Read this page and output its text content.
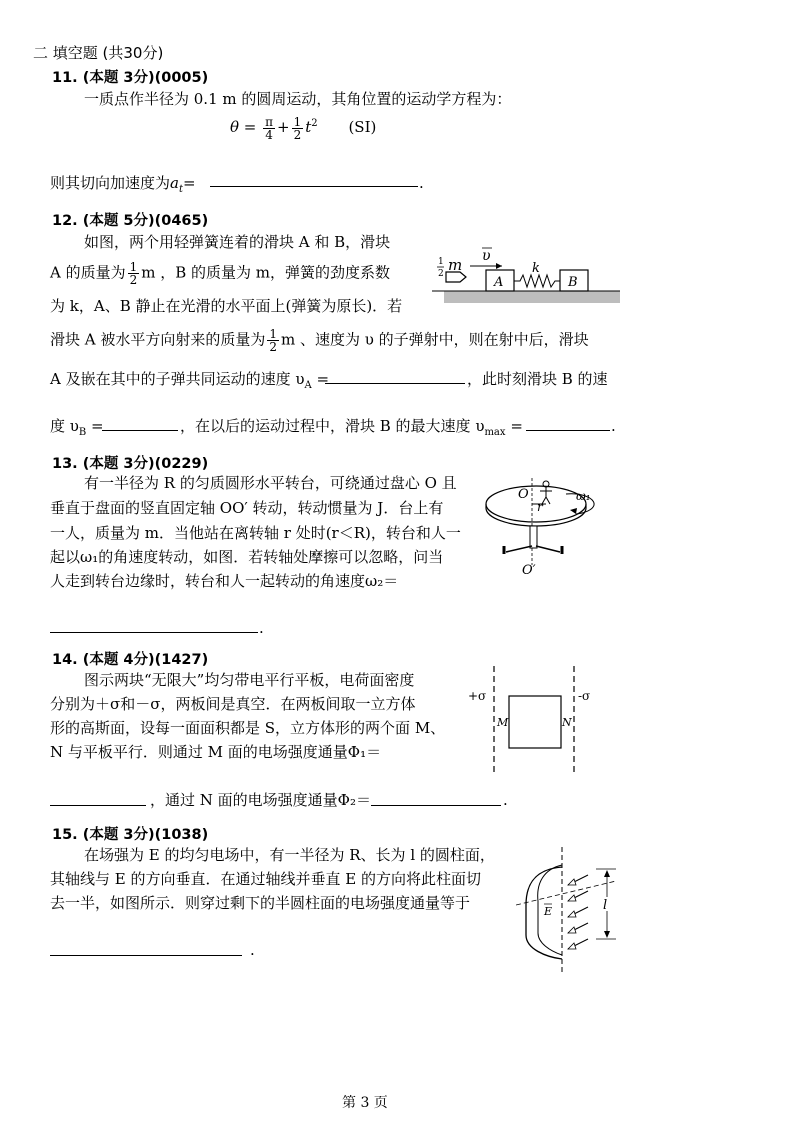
二 填空题 (共30分)
11. (本题 3分)(0005)
一质点作半径为 0.1 m 的圆周运动，其角位置的运动学方程为：
$\theta = \frac{\pi}{4} + \frac{1}{2} t^2$ (SI)
则其切向加速度为$a_t=$	.
12. (本题 5分)(0465)
如图，两个用轻弹簧连着的滑块 A 和 B，滑块
A 的质量为 $\frac{1}{2}$ m ，B 的质量为 m，弹簧的劲度系数
为 k，A、B 静止在光滑的水平面上(弹簧为原长)．若
滑块 A 被水平方向射来的质量为 $\frac{1}{2}$ m 、速度为 υ 的子弹射中，则在射中后，滑块
A 及嵌在其中的子弹共同运动的速度 $\upsilon_A$ =	，此时刻滑块 B 的速
度 $\upsilon_B$ =	，在以后的运动过程中，滑块 B 的最大速度 $\upsilon_{max}$ =	.
1
2 m υ
k
A	B
13. (本题 3分)(0229)
有一半径为 R 的匀质圆形水平转台，可绕通过盘心 O 且
垂直于盘面的竖直固定轴 OO′ 转动，转动惯量为 J．台上有
一人，质量为 m．当他站在离转轴 r 处时(r＜R)，转台和人一
起以ω₁的角速度转动，如图．若转轴处摩擦可以忽略，问当
人走到转台边缘时，转台和人一起转动的角速度ω₂＝
.
O
r
ω₁
O′
14. (本题 4分)(1427)
图示两块“无限大”均匀带电平行平板，电荷面密度
分别为＋σ和－σ，两板间是真空．在两板间取一立方体
形的高斯面，设每一面面积都是 S，立方体形的两个面 M、
N 与平板平行．则通过 M 面的电场强度通量Φ₁＝
，通过 N 面的电场强度通量Φ₂＝	.
+σ	-σ
M	N
15. (本题 3分)(1038)
在场强为 E 的均匀电场中，有一半径为 R、长为 l 的圆柱面，
其轴线与 E 的方向垂直．在通过轴线并垂直 E 的方向将此柱面切
去一半，如图所示．则穿过剩下的半圆柱面的电场强度通量等于
.
l
E
第 3 页
